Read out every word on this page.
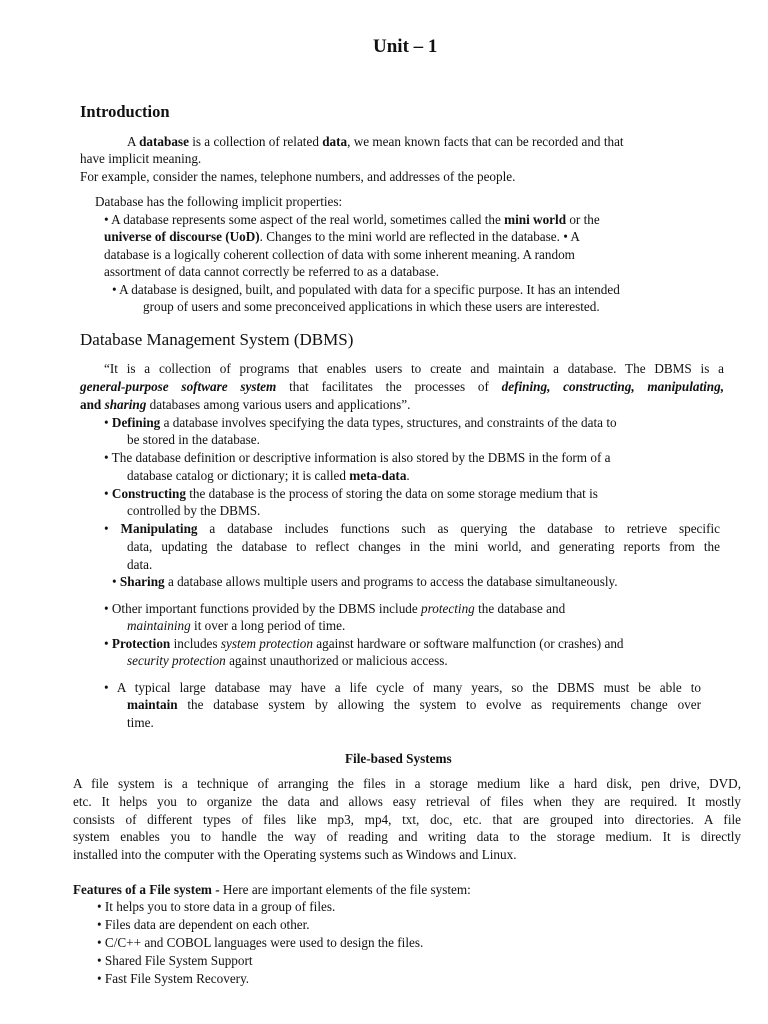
Unit – 1
Introduction
A database is a collection of related data, we mean known facts that can be recorded and that
have implicit meaning.
For example, consider the names, telephone numbers, and addresses of the people.
Database has the following implicit properties:
• A database represents some aspect of the real world, sometimes called the mini world or the
universe of discourse (UoD). Changes to the mini world are reflected in the database. • A
database is a logically coherent collection of data with some inherent meaning. A random
assortment of data cannot correctly be referred to as a database.
• A database is designed, built, and populated with data for a specific purpose. It has an intended
group of users and some preconceived applications in which these users are interested.
Database Management System (DBMS)
“It is a collection of programs that enables users to create and maintain a database. The DBMS is a
general-purpose software system that facilitates the processes of defining, constructing, manipulating,
and sharing databases among various users and applications”.
• Defining a database involves specifying the data types, structures, and constraints of the data to
be stored in the database.
• The database definition or descriptive information is also stored by the DBMS in the form of a
database catalog or dictionary; it is called meta-data.
• Constructing the database is the process of storing the data on some storage medium that is
controlled by the DBMS.
• Manipulating a database includes functions such as querying the database to retrieve specific
data, updating the database to reflect changes in the mini world, and generating reports from the
data.
• Sharing a database allows multiple users and programs to access the database simultaneously.
• Other important functions provided by the DBMS include protecting the database and
maintaining it over a long period of time.
• Protection includes system protection against hardware or software malfunction (or crashes) and
security protection against unauthorized or malicious access.
• A typical large database may have a life cycle of many years, so the DBMS must be able to
maintain the database system by allowing the system to evolve as requirements change over
time.
File-based Systems
A file system is a technique of arranging the files in a storage medium like a hard disk, pen drive, DVD,
etc. It helps you to organize the data and allows easy retrieval of files when they are required. It mostly
consists of different types of files like mp3, mp4, txt, doc, etc. that are grouped into directories. A file
system enables you to handle the way of reading and writing data to the storage medium. It is directly
installed into the computer with the Operating systems such as Windows and Linux.
Features of a File system - Here are important elements of the file system:
• It helps you to store data in a group of files.
• Files data are dependent on each other.
• C/C++ and COBOL languages were used to design the files.
• Shared File System Support
• Fast File System Recovery.
